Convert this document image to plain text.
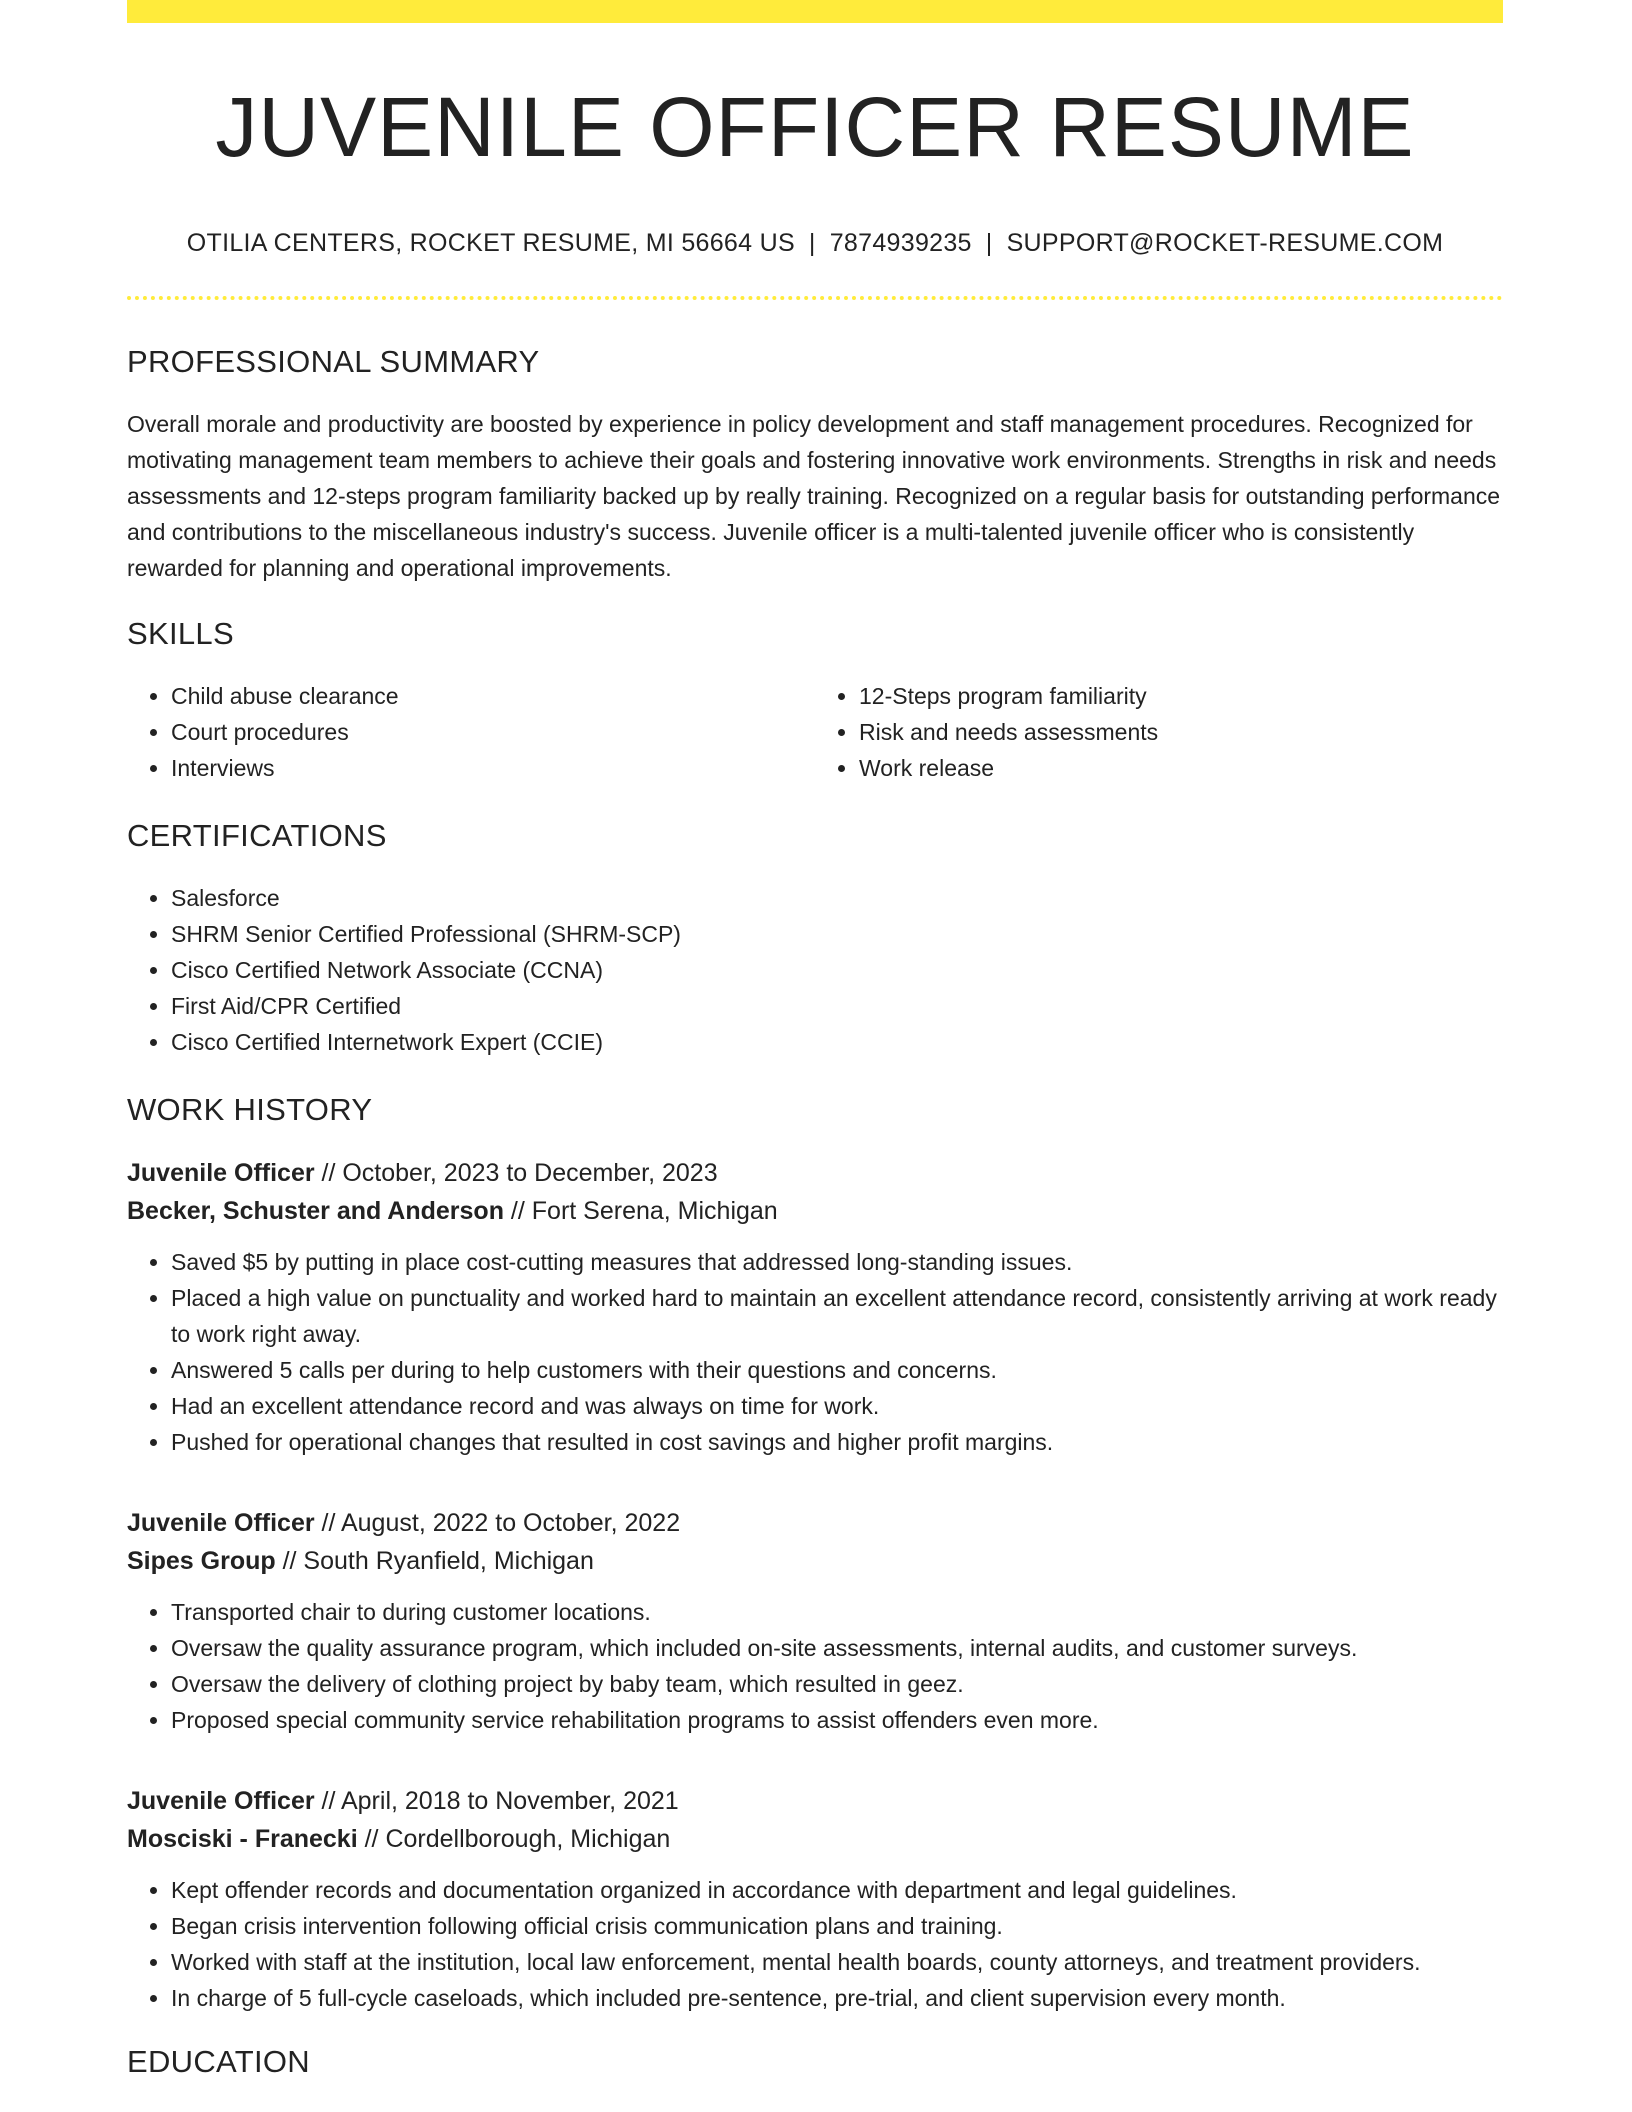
JUVENILE OFFICER RESUME
OTILIA CENTERS, ROCKET RESUME, MI 56664 US | 7874939235 | SUPPORT@ROCKET-RESUME.COM
PROFESSIONAL SUMMARY

Overall morale and productivity are boosted by experience in policy development and staff management procedures. Recognized for motivating management team members to achieve their goals and fostering innovative work environments. Strengths in risk and needs assessments and 12-steps program familiarity backed up by really training. Recognized on a regular basis for outstanding performance and contributions to the miscellaneous industry's success. Juvenile officer is a multi-talented juvenile officer who is consistently rewarded for planning and operational improvements.

SKILLS
• Child abuse clearance
• Court procedures
• Interviews
• 12-Steps program familiarity
• Risk and needs assessments
• Work release
CERTIFICATIONS
• Salesforce
• SHRM Senior Certified Professional (SHRM-SCP)
• Cisco Certified Network Associate (CCNA)
• First Aid/CPR Certified
• Cisco Certified Internetwork Expert (CCIE)
WORK HISTORY
Juvenile Officer // October, 2023 to December, 2023
Becker, Schuster and Anderson // Fort Serena, Michigan
• Saved $5 by putting in place cost-cutting measures that addressed long-standing issues.
• Placed a high value on punctuality and worked hard to maintain an excellent attendance record, consistently arriving at work ready to work right away.
• Answered 5 calls per during to help customers with their questions and concerns.
• Had an excellent attendance record and was always on time for work.
• Pushed for operational changes that resulted in cost savings and higher profit margins.
Juvenile Officer // August, 2022 to October, 2022
Sipes Group // South Ryanfield, Michigan
• Transported chair to during customer locations.
• Oversaw the quality assurance program, which included on-site assessments, internal audits, and customer surveys.
• Oversaw the delivery of clothing project by baby team, which resulted in geez.
• Proposed special community service rehabilitation programs to assist offenders even more.
Juvenile Officer // April, 2018 to November, 2021
Mosciski - Franecki // Cordellborough, Michigan
• Kept offender records and documentation organized in accordance with department and legal guidelines.
• Began crisis intervention following official crisis communication plans and training.
• Worked with staff at the institution, local law enforcement, mental health boards, county attorneys, and treatment providers.
• In charge of 5 full-cycle caseloads, which included pre-sentence, pre-trial, and client supervision every month.
EDUCATION
